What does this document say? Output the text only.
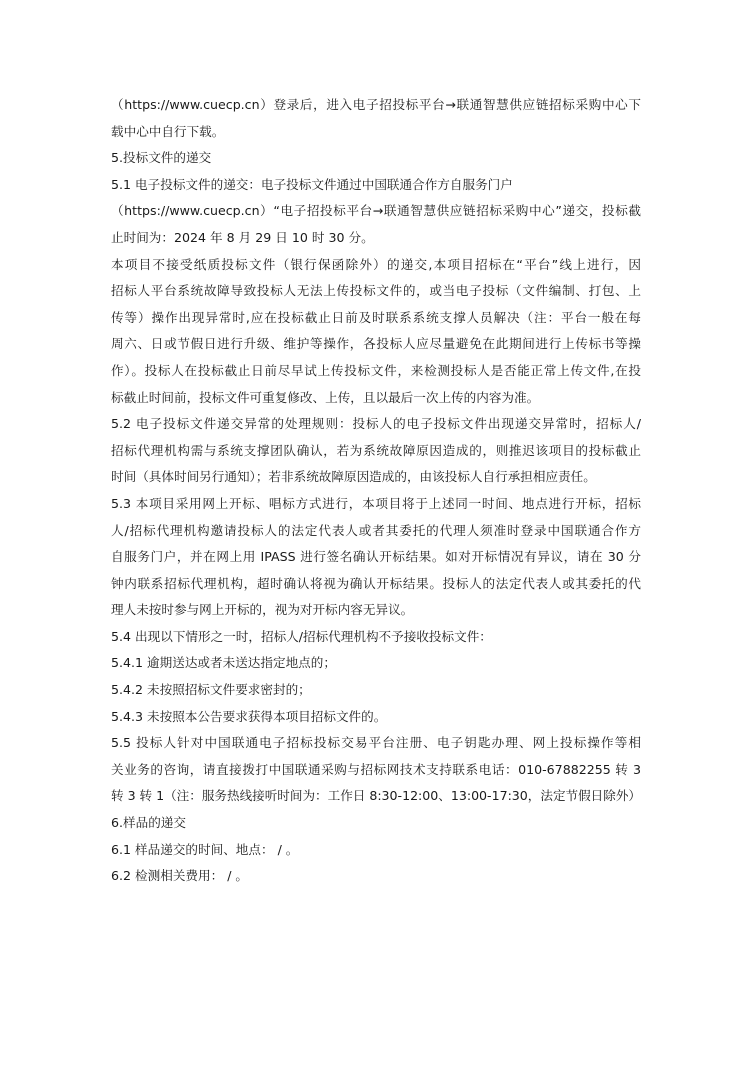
（https://www.cuecp.cn）登录后，进入电子招投标平台→联通智慧供应链招标采购中心下
载中心中自行下载。
5.投标文件的递交
5.1 电子投标文件的递交：电子投标文件通过中国联通合作方自服务门户
（https://www.cuecp.cn）“电子招投标平台→联通智慧供应链招标采购中心”递交，投标截
止时间为：2024 年 8 月 29 日 10 时 30 分。
本项目不接受纸质投标文件（银行保函除外）的递交,本项目招标在“平台”线上进行，因
招标人平台系统故障导致投标人无法上传投标文件的，或当电子投标（文件编制、打包、上
传等）操作出现异常时,应在投标截止日前及时联系系统支撑人员解决（注：平台一般在每
周六、日或节假日进行升级、维护等操作，各投标人应尽量避免在此期间进行上传标书等操
作）。投标人在投标截止日前尽早试上传投标文件，来检测投标人是否能正常上传文件,在投
标截止时间前，投标文件可重复修改、上传，且以最后一次上传的内容为准。
5.2 电子投标文件递交异常的处理规则：投标人的电子投标文件出现递交异常时，招标人/
招标代理机构需与系统支撑团队确认，若为系统故障原因造成的，则推迟该项目的投标截止
时间（具体时间另行通知）；若非系统故障原因造成的，由该投标人自行承担相应责任。
5.3 本项目采用网上开标、唱标方式进行，本项目将于上述同一时间、地点进行开标，招标
人/招标代理机构邀请投标人的法定代表人或者其委托的代理人须准时登录中国联通合作方
自服务门户，并在网上用 IPASS 进行签名确认开标结果。如对开标情况有异议，请在 30 分
钟内联系招标代理机构，超时确认将视为确认开标结果。投标人的法定代表人或其委托的代
理人未按时参与网上开标的，视为对开标内容无异议。
5.4 出现以下情形之一时，招标人/招标代理机构不予接收投标文件：
5.4.1 逾期送达或者未送达指定地点的；
5.4.2 未按照招标文件要求密封的；
5.4.3 未按照本公告要求获得本项目招标文件的。
5.5 投标人针对中国联通电子招标投标交易平台注册、电子钥匙办理、网上投标操作等相
关业务的咨询，请直接拨打中国联通采购与招标网技术支持联系电话：010-67882255 转 3
转 3 转 1（注：服务热线接听时间为：工作日 8:30-12:00、13:00-17:30，法定节假日除外）
6.样品的递交
6.1 样品递交的时间、地点： / 。
6.2 检测相关费用： / 。
